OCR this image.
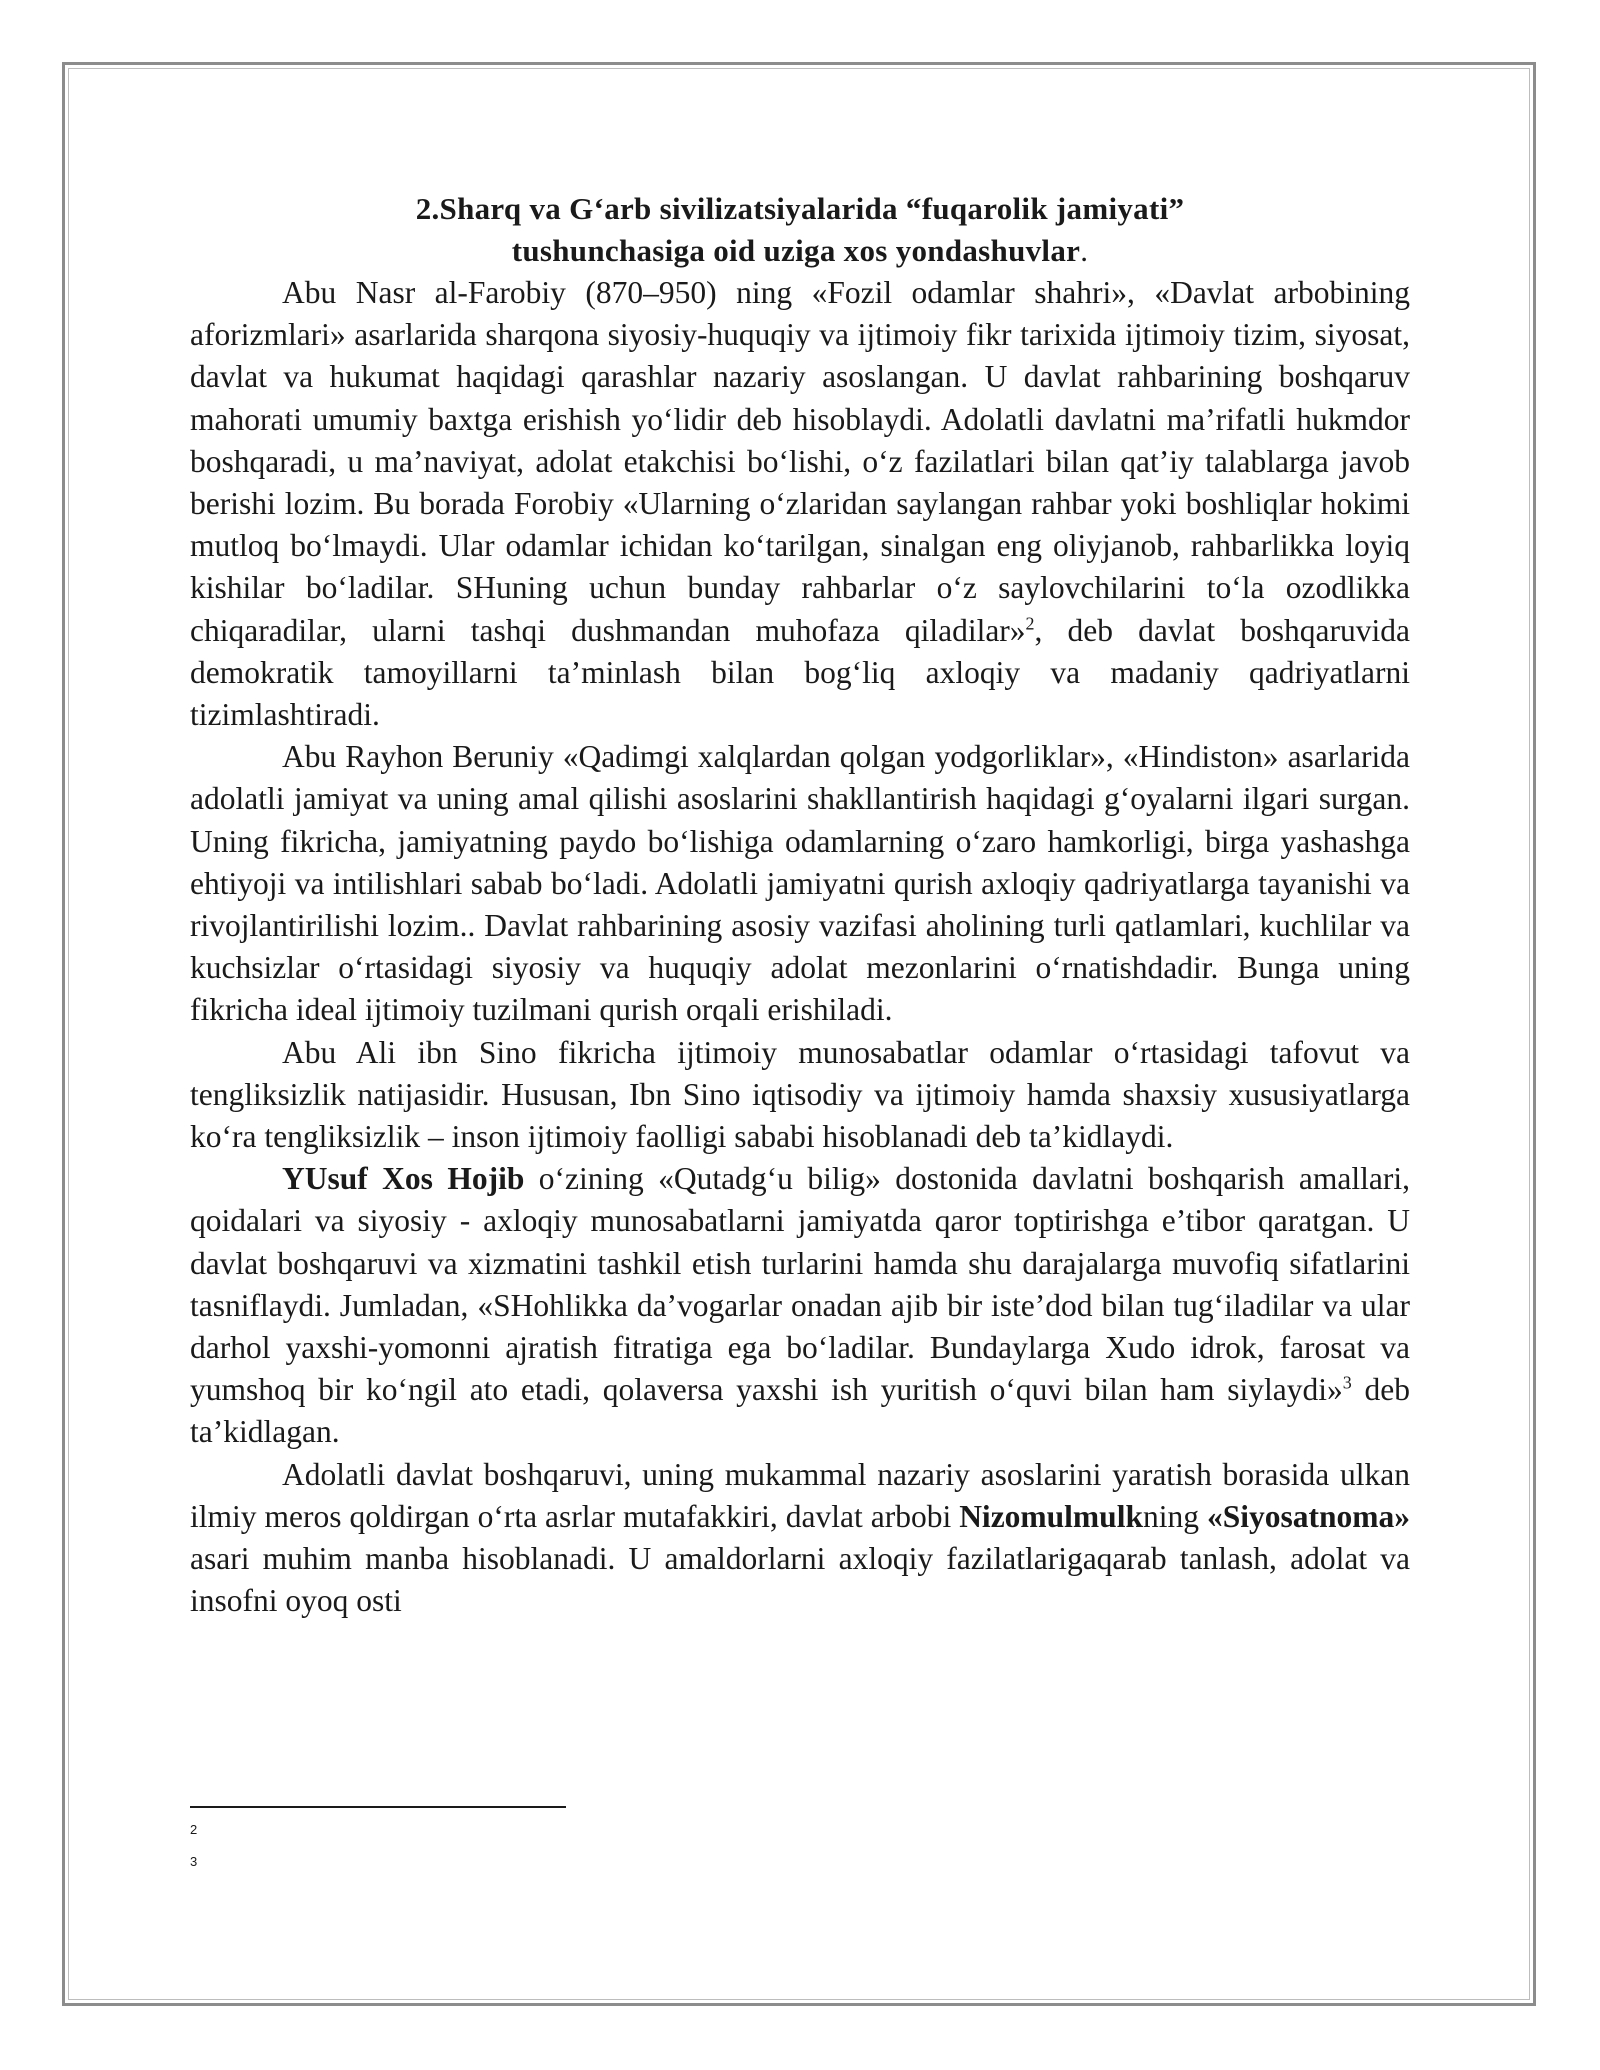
2.Sharq va G‘arb sivilizatsiyalarida “fuqarolik jamiyati”
tushunchasiga oid uziga xos yondashuvlar.

Abu Nasr al-Farobiy (870–950) ning «Fozil odamlar shahri», «Davlat arbobining aforizmlari» asarlarida sharqona siyosiy-huquqiy va ijtimoiy fikr tarixida ijtimoiy tizim, siyosat, davlat va hukumat haqidagi qarashlar nazariy asoslangan. U davlat rahbarining boshqaruv mahorati umumiy baxtga erishish yo‘lidir deb hisoblaydi. Adolatli davlatni ma’rifatli hukmdor boshqaradi, u ma’naviyat, adolat etakchisi bo‘lishi, o‘z fazilatlari bilan qat’iy talablarga javob berishi lozim. Bu borada Forobiy «Ularning o‘zlaridan saylangan rahbar yoki boshliqlar hokimi mutloq bo‘lmaydi. Ular odamlar ichidan ko‘tarilgan, sinalgan eng oliyjanob, rahbarlikka loyiq kishilar bo‘ladilar. SHuning uchun bunday rahbarlar o‘z saylovchilarini to‘la ozodlikka chiqaradilar, ularni tashqi dushmandan muhofaza qiladilar»$^2$, deb davlat boshqaruvida demokratik tamoyillarni ta’minlash bilan bog‘liq axloqiy va madaniy qadriyatlarni tizimlashtiradi.

Abu Rayhon Beruniy «Qadimgi xalqlardan qolgan yodgorliklar», «Hindiston» asarlarida adolatli jamiyat va uning amal qilishi asoslarini shakllantirish haqidagi g‘oyalarni ilgari surgan. Uning fikricha, jamiyatning paydo bo‘lishiga odamlarning o‘zaro hamkorligi, birga yashashga ehtiyoji va intilishlari sabab bo‘ladi. Adolatli jamiyatni qurish axloqiy qadriyatlarga tayanishi va rivojlantirilishi lozim.. Davlat rahbarining asosiy vazifasi aholining turli qatlamlari, kuchlilar va kuchsizlar o‘rtasidagi siyosiy va huquqiy adolat mezonlarini o‘rnatishdadir. Bunga uning fikricha ideal ijtimoiy tuzilmani qurish orqali erishiladi.

Abu Ali ibn Sino fikricha ijtimoiy munosabatlar odamlar o‘rtasidagi tafovut va tengliksizlik natijasidir. Hususan, Ibn Sino iqtisodiy va ijtimoiy hamda shaxsiy xususiyatlarga ko‘ra tengliksizlik – inson ijtimoiy faolligi sababi hisoblanadi deb ta’kidlaydi.

YUsuf Xos Hojib o‘zining «Qutadg‘u bilig» dostonida davlatni boshqarish amallari, qoidalari va siyosiy - axloqiy munosabatlarni jamiyatda qaror toptirishga e’tibor qaratgan. U davlat boshqaruvi va xizmatini tashkil etish turlarini hamda shu darajalarga muvofiq sifatlarini tasniflaydi. Jumladan, «SHohlikka da’vogarlar onadan ajib bir iste’dod bilan tug‘iladilar va ular darhol yaxshi-yomonni ajratish fitratiga ega bo‘ladilar. Bundaylarga Xudo idrok, farosat va yumshoq bir ko‘ngil ato etadi, qolaversa yaxshi ish yuritish o‘quvi bilan ham siylaydi»$^3$ deb ta’kidlagan.

Adolatli davlat boshqaruvi, uning mukammal nazariy asoslarini yaratish borasida ulkan ilmiy meros qoldirgan o‘rta asrlar mutafakkiri, davlat arbobi Nizomulmulkning «Siyosatnoma» asari muhim manba hisoblanadi. U amaldorlarni axloqiy fazilatlarigaqarab tanlash, adolat va insofni oyoq osti

2
3
